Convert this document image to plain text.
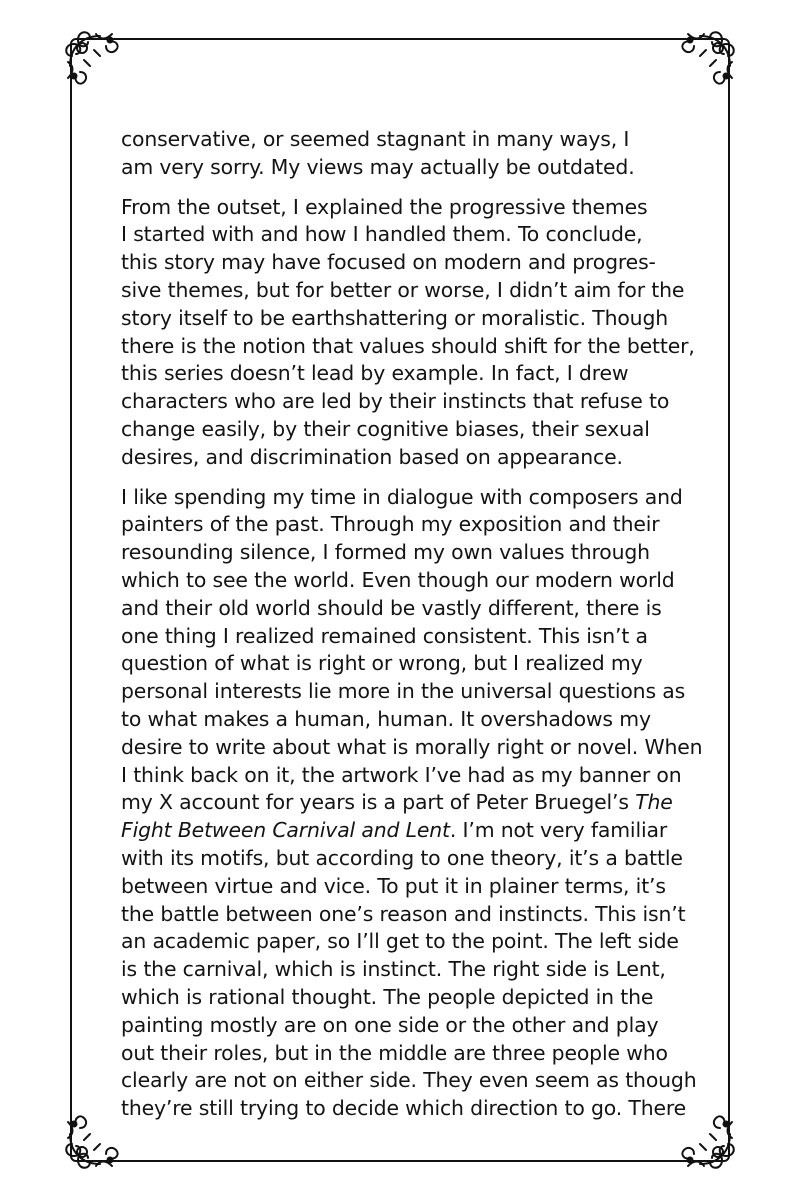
conservative, or seemed stagnant in many ways, I
am very sorry. My views may actually be outdated.

From the outset, I explained the progressive themes
I started with and how I handled them. To conclude,
this story may have focused on modern and progres-
sive themes, but for better or worse, I didn’t aim for the
story itself to be earthshattering or moralistic. Though
there is the notion that values should shift for the better,
this series doesn’t lead by example. In fact, I drew
characters who are led by their instincts that refuse to
change easily, by their cognitive biases, their sexual
desires, and discrimination based on appearance.

I like spending my time in dialogue with composers and
painters of the past. Through my exposition and their
resounding silence, I formed my own values through
which to see the world. Even though our modern world
and their old world should be vastly different, there is
one thing I realized remained consistent. This isn’t a
question of what is right or wrong, but I realized my
personal interests lie more in the universal questions as
to what makes a human, human. It overshadows my
desire to write about what is morally right or novel. When
I think back on it, the artwork I’ve had as my banner on
my X account for years is a part of Peter Bruegel’s The
Fight Between Carnival and Lent. I’m not very familiar
with its motifs, but according to one theory, it’s a battle
between virtue and vice. To put it in plainer terms, it’s
the battle between one’s reason and instincts. This isn’t
an academic paper, so I’ll get to the point. The left side
is the carnival, which is instinct. The right side is Lent,
which is rational thought. The people depicted in the
painting mostly are on one side or the other and play
out their roles, but in the middle are three people who
clearly are not on either side. They even seem as though
they’re still trying to decide which direction to go. There
